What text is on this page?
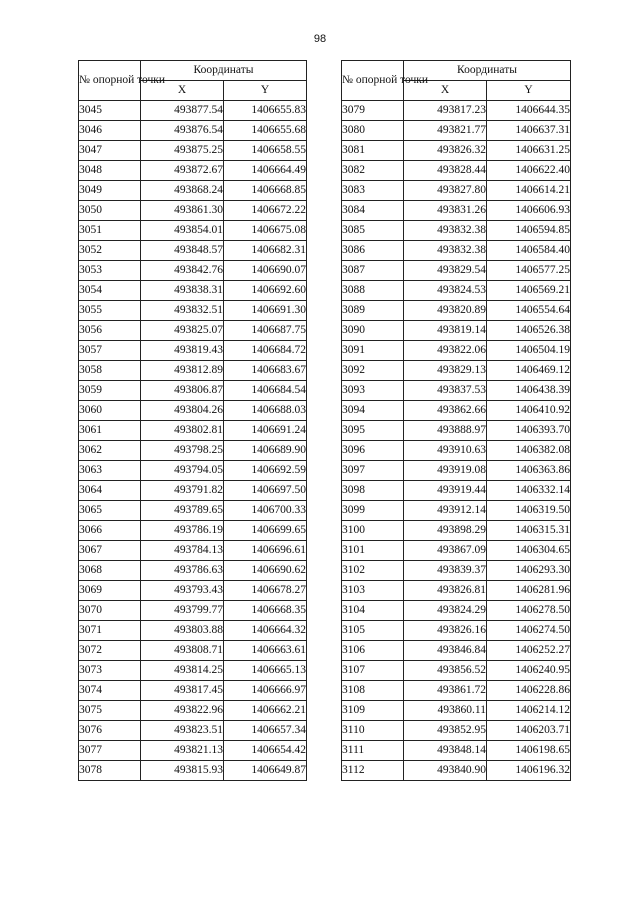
98
№ опорной точки	Координаты	
	X	Y
3045	493877.54	1406655.83
3046	493876.54	1406655.68
3047	493875.25	1406658.55
3048	493872.67	1406664.49
3049	493868.24	1406668.85
3050	493861.30	1406672.22
3051	493854.01	1406675.08
3052	493848.57	1406682.31
3053	493842.76	1406690.07
3054	493838.31	1406692.60
3055	493832.51	1406691.30
3056	493825.07	1406687.75
3057	493819.43	1406684.72
3058	493812.89	1406683.67
3059	493806.87	1406684.54
3060	493804.26	1406688.03
3061	493802.81	1406691.24
3062	493798.25	1406689.90
3063	493794.05	1406692.59
3064	493791.82	1406697.50
3065	493789.65	1406700.33
3066	493786.19	1406699.65
3067	493784.13	1406696.61
3068	493786.63	1406690.62
3069	493793.43	1406678.27
3070	493799.77	1406668.35
3071	493803.88	1406664.32
3072	493808.71	1406663.61
3073	493814.25	1406665.13
3074	493817.45	1406666.97
3075	493822.96	1406662.21
3076	493823.51	1406657.34
3077	493821.13	1406654.42
3078	493815.93	1406649.87
№ опорной точки	Координаты	
	X	Y
3079	493817.23	1406644.35
3080	493821.77	1406637.31
3081	493826.32	1406631.25
3082	493828.44	1406622.40
3083	493827.80	1406614.21
3084	493831.26	1406606.93
3085	493832.38	1406594.85
3086	493832.38	1406584.40
3087	493829.54	1406577.25
3088	493824.53	1406569.21
3089	493820.89	1406554.64
3090	493819.14	1406526.38
3091	493822.06	1406504.19
3092	493829.13	1406469.12
3093	493837.53	1406438.39
3094	493862.66	1406410.92
3095	493888.97	1406393.70
3096	493910.63	1406382.08
3097	493919.08	1406363.86
3098	493919.44	1406332.14
3099	493912.14	1406319.50
3100	493898.29	1406315.31
3101	493867.09	1406304.65
3102	493839.37	1406293.30
3103	493826.81	1406281.96
3104	493824.29	1406278.50
3105	493826.16	1406274.50
3106	493846.84	1406252.27
3107	493856.52	1406240.95
3108	493861.72	1406228.86
3109	493860.11	1406214.12
3110	493852.95	1406203.71
3111	493848.14	1406198.65
3112	493840.90	1406196.32
